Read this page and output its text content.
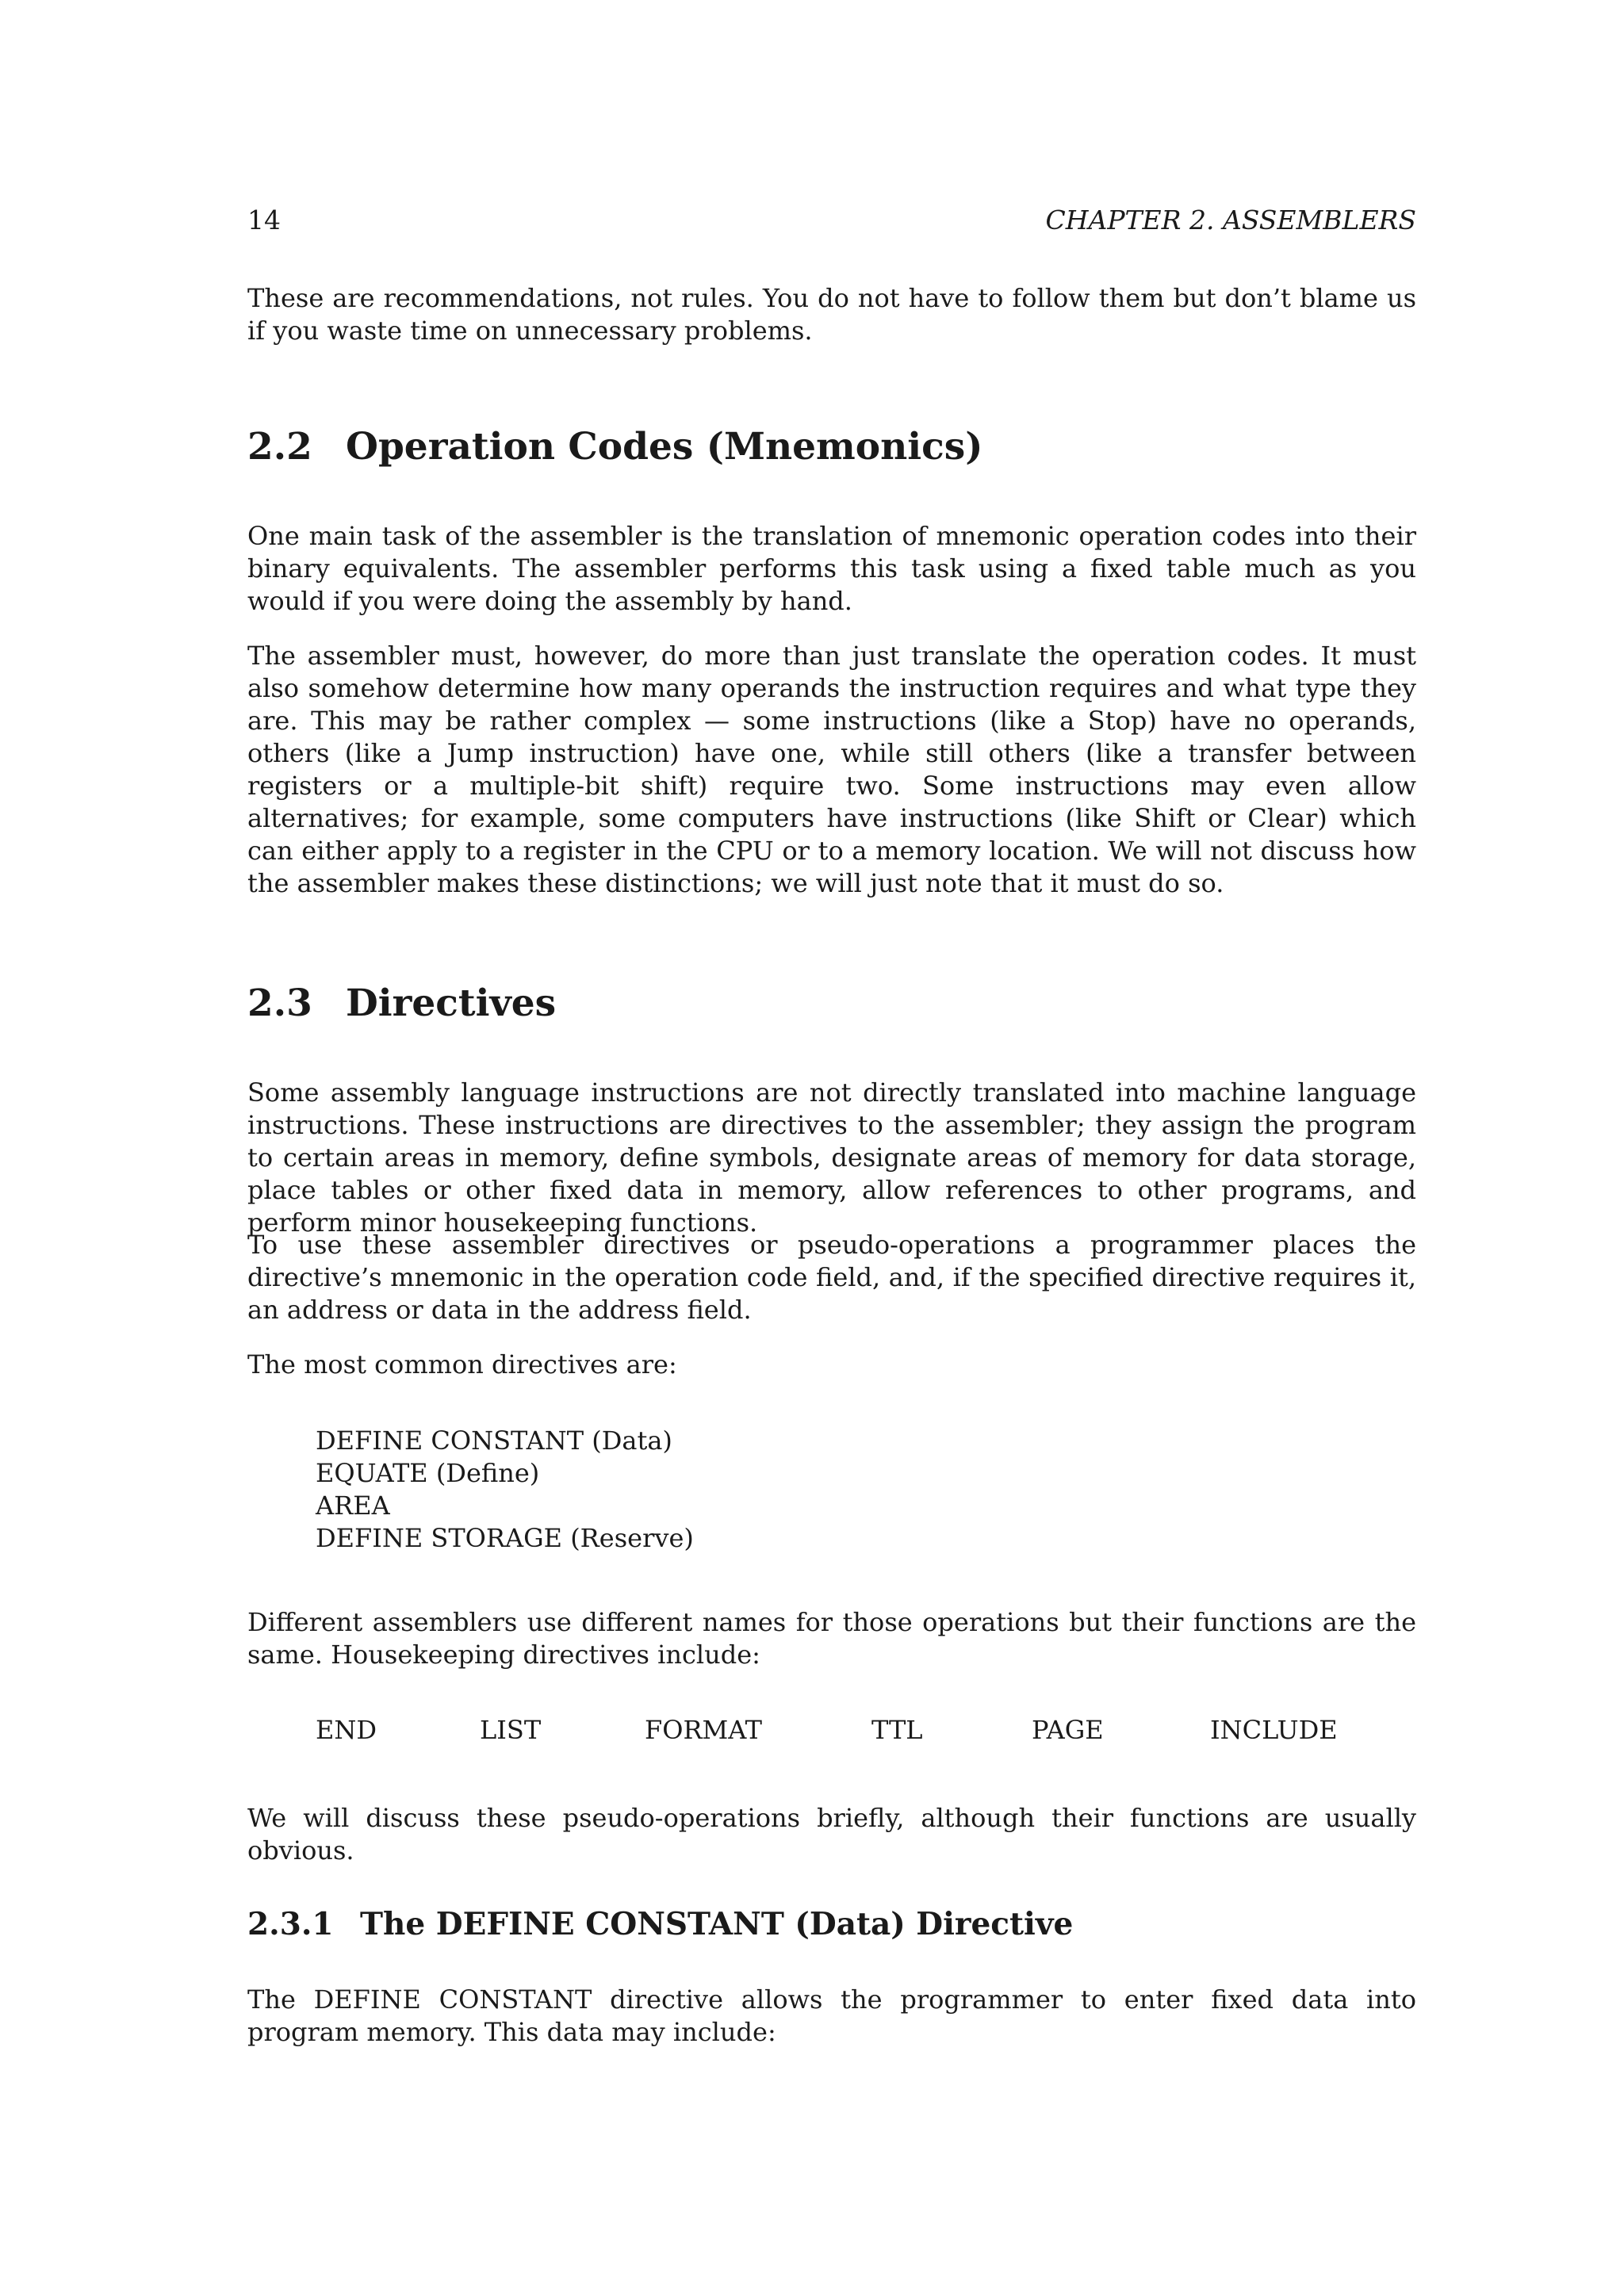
14	CHAPTER 2. ASSEMBLERS

These are recommendations, not rules. You do not have to follow them but don’t blame us if you waste time on unnecessary problems.

2.2 Operation Codes (Mnemonics)

One main task of the assembler is the translation of mnemonic operation codes into their binary equivalents. The assembler performs this task using a fixed table much as you would if you were doing the assembly by hand.

The assembler must, however, do more than just translate the operation codes. It must also somehow determine how many operands the instruction requires and what type they are. This may be rather complex — some instructions (like a Stop) have no operands, others (like a Jump instruction) have one, while still others (like a transfer between registers or a multiple-bit shift) require two. Some instructions may even allow alternatives; for example, some computers have instructions (like Shift or Clear) which can either apply to a register in the CPU or to a memory location. We will not discuss how the assembler makes these distinctions; we will just note that it must do so.

2.3 Directives

Some assembly language instructions are not directly translated into machine language instructions. These instructions are directives to the assembler; they assign the program to certain areas in memory, define symbols, designate areas of memory for data storage, place tables or other fixed data in memory, allow references to other programs, and perform minor housekeeping functions.

To use these assembler directives or pseudo-operations a programmer places the directive’s mnemonic in the operation code field, and, if the specified directive requires it, an address or data in the address field.

The most common directives are:

DEFINE CONSTANT (Data)
EQUATE (Define)
AREA
DEFINE STORAGE (Reserve)

Different assemblers use different names for those operations but their functions are the same. Housekeeping directives include:

END	LIST	FORMAT	TTL	PAGE	INCLUDE

We will discuss these pseudo-operations briefly, although their functions are usually obvious.

2.3.1 The DEFINE CONSTANT (Data) Directive

The DEFINE CONSTANT directive allows the programmer to enter fixed data into program memory. This data may include:
